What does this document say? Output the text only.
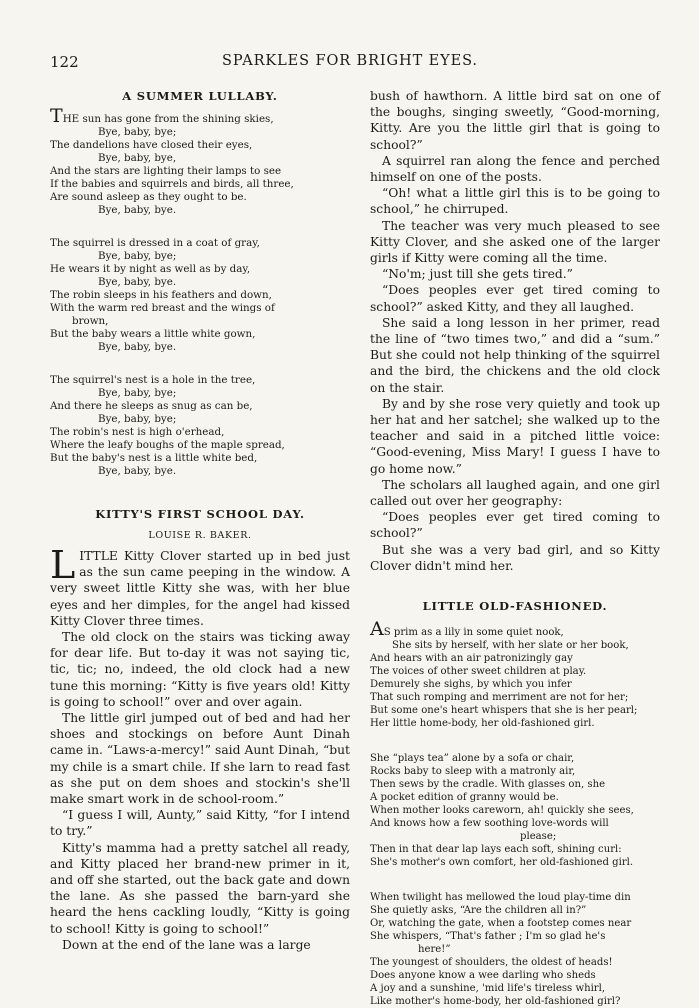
122	SPARKLES FOR BRIGHT EYES.
A SUMMER LULLABY.
THE sun has gone from the shining skies,
Bye, baby, bye;
The dandelions have closed their eyes,
Bye, baby, bye,
And the stars are lighting their lamps to see
If the babies and squirrels and birds, all three,
Are sound asleep as they ought to be.
Bye, baby, bye.
The squirrel is dressed in a coat of gray,
Bye, baby, bye;
He wears it by night as well as by day,
Bye, baby, bye.
The robin sleeps in his feathers and down,
With the warm red breast and the wings of
brown,
But the baby wears a little white gown,
Bye, baby, bye.
The squirrel's nest is a hole in the tree,
Bye, baby, bye;
And there he sleeps as snug as can be,
Bye, baby, bye;
The robin's nest is high o'erhead,
Where the leafy boughs of the maple spread,
But the baby's nest is a little white bed,
Bye, baby, bye.
KITTY'S FIRST SCHOOL DAY.
LOUISE R. BAKER.

LITTLE Kitty Clover started up in bed just as the sun came peeping in the window. A very sweet little Kitty she was, with her blue eyes and her dimples, for the angel had kissed Kitty Clover three times.

The old clock on the stairs was ticking away for dear life. But to-day it was not saying tic, tic, tic; no, indeed, the old clock had a new tune this morning: “Kitty is five years old! Kitty is going to school!” over and over again.

The little girl jumped out of bed and had her shoes and stockings on before Aunt Dinah came in. “Laws-a-mercy!” said Aunt Dinah, “but my chile is a smart chile. If she larn to read fast as she put on dem shoes and stockin's she'll make smart work in de school-room.”

“I guess I will, Aunty,” said Kitty, “for I intend to try.”

Kitty's mamma had a pretty satchel all ready, and Kitty placed her brand-new primer in it, and off she started, out the back gate and down the lane. As she passed the barn-yard she heard the hens cackling loudly, “Kitty is going to school! Kitty is going to school!”

Down at the end of the lane was a large

bush of hawthorn. A little bird sat on one of the boughs, singing sweetly, “Good-morning, Kitty. Are you the little girl that is going to school?”

A squirrel ran along the fence and perched himself on one of the posts.

“Oh! what a little girl this is to be going to school,” he chirruped.

The teacher was very much pleased to see Kitty Clover, and she asked one of the larger girls if Kitty were coming all the time.

“No'm; just till she gets tired.”

“Does peoples ever get tired coming to school?” asked Kitty, and they all laughed.

She said a long lesson in her primer, read the line of “two times two,” and did a “sum.” But she could not help thinking of the squirrel and the bird, the chickens and the old clock on the stair.

By and by she rose very quietly and took up her hat and her satchel; she walked up to the teacher and said in a pitched little voice: “Good-evening, Miss Mary! I guess I have to go home now.”

The scholars all laughed again, and one girl called out over her geography:

“Does peoples ever get tired coming to school?”

But she was a very bad girl, and so Kitty Clover didn't mind her.

LITTLE OLD-FASHIONED.
AS prim as a lily in some quiet nook,
She sits by herself, with her slate or her book,
And hears with an air patronizingly gay
The voices of other sweet children at play.
Demurely she sighs, by which you infer
That such romping and merriment are not for her;
But some one's heart whispers that she is her pearl;
Her little home-body, her old-fashioned girl.
She “plays tea” alone by a sofa or chair,
Rocks baby to sleep with a matronly air,
Then sews by the cradle. With glasses on, she
A pocket edition of granny would be.
When mother looks careworn, ah! quickly she sees,
And knows how a few soothing love-words will
please;
Then in that dear lap lays each soft, shining curl:
She's mother's own comfort, her old-fashioned girl.
When twilight has mellowed the loud play-time din
She quietly asks, “Are the children all in?”
Or, watching the gate, when a footstep comes near
She whispers, “That's father ; I'm so glad he's
here!”
The youngest of shoulders, the oldest of heads!
Does anyone know a wee darling who sheds
A joy and a sunshine, 'mid life's tireless whirl,
Like mother's home-body, her old-fashioned girl?
